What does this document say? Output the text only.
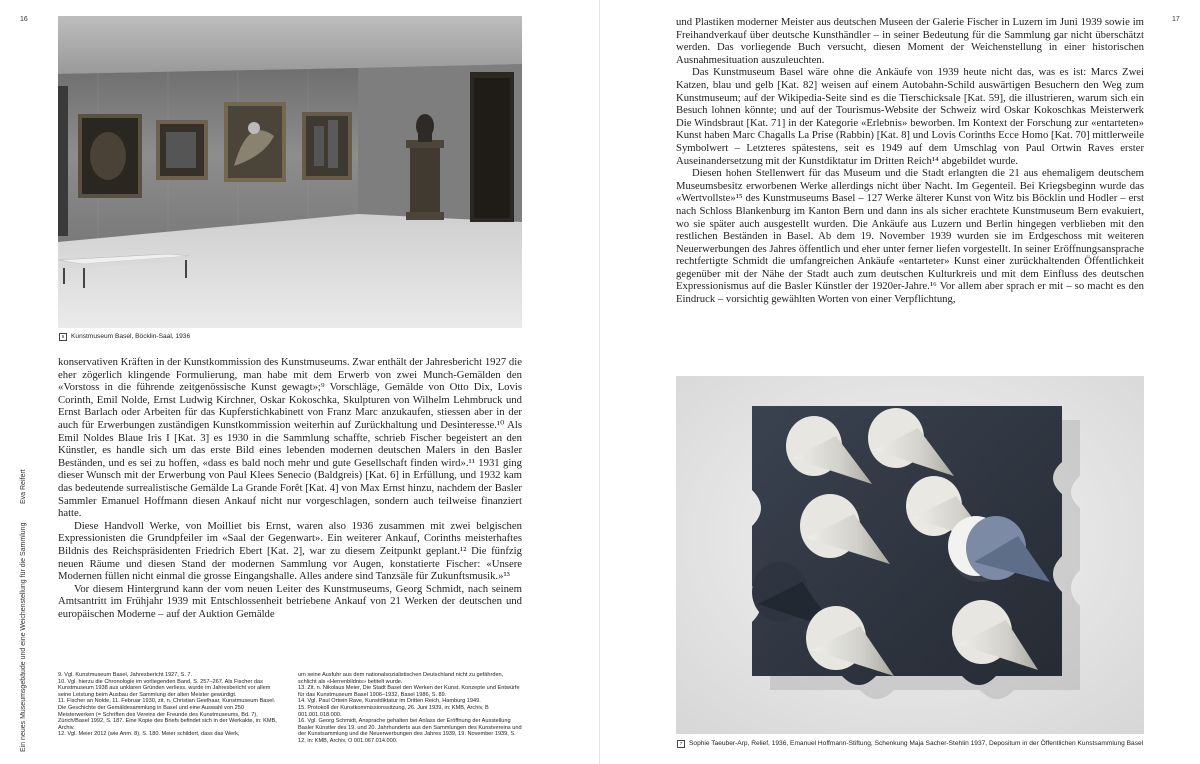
16
Ein neues Museumsgebäude und eine Weichenstellung für die Sammlung
Eva Reifert
6 Kunstmuseum Basel, Böcklin-Saal, 1936

konservativen Kräften in der Kunstkommission des Kunstmuseums. Zwar enthält der Jahresbericht 1927 die eher zögerlich klingende Formulierung, man habe mit dem Erwerb von zwei Munch-Gemälden den «Vorstoss in die führende zeitgenössische Kunst gewagt»;⁹ Vorschläge, Gemälde von Otto Dix, Lovis Corinth, Emil Nolde, Ernst Ludwig Kirchner, Oskar Kokoschka, Skulpturen von Wilhelm Lehmbruck und Ernst Barlach oder Arbeiten für das Kupferstichkabinett von Franz Marc anzukaufen, stiessen aber in der auch für Erwerbungen zuständigen Kunstkommission weiterhin auf Zurückhaltung und Desinteresse.¹⁰ Als Emil Noldes Blaue Iris I [Kat. 3] es 1930 in die Sammlung schaffte, schrieb Fischer begeistert an den Künstler, es handle sich um das erste Bild eines lebenden modernen deutschen Malers in den Basler Beständen, und es sei zu hoffen, «dass es bald noch mehr und gute Gesellschaft finden wird».¹¹ 1931 ging dieser Wunsch mit der Erwerbung von Paul Klees Senecio (Baldgreis) [Kat. 6] in Erfüllung, und 1932 kam das bedeutende surrealistische Gemälde La Grande Forêt [Kat. 4] von Max Ernst hinzu, nachdem der Basler Sammler Emanuel Hoffmann diesen Ankauf nicht nur vorgeschlagen, sondern auch teilweise finanziert hatte.

Diese Handvoll Werke, von Moilliet bis Ernst, waren also 1936 zusammen mit zwei belgischen Expressionisten die Grundpfeiler im «Saal der Gegenwart». Ein weiterer Ankauf, Corinths meisterhaftes Bildnis des Reichspräsidenten Friedrich Ebert [Kat. 2], war zu diesem Zeitpunkt geplant.¹² Die fünfzig neuen Räume und diesen Stand der modernen Sammlung vor Augen, konstatierte Fischer: «Unsere Modernen füllen nicht einmal die grosse Eingangshalle. Alles andere sind Tanzsäle für Zukunftsmusik.»¹³

Vor diesem Hintergrund kann der vom neuen Leiter des Kunstmuseums, Georg Schmidt, nach seinem Amtsantritt im Frühjahr 1939 mit Entschlossenheit betriebene Ankauf von 21 Werken der deutschen und europäischen Moderne – auf der Auktion Gemälde

9. Vgl. Kunstmuseum Basel, Jahresbericht 1927, S. 7.

10. Vgl. hierzu die Chronologie im vorliegenden Band, S. 257–267. Als Fischer das Kunstmuseum 1938 aus unklaren Gründen verliess, wurde im Jahresbericht vor allem seine Leistung beim Ausbau der Sammlung der alten Meister gewürdigt.

11. Fischer an Nolde, 11. Februar 1930, zit. n. Christian Geelhaar, Kunstmuseum Basel. Die Geschichte der Gemäldesammlung in Basel und eine Auswahl von 250 Meisterwerken (= Schriften des Vereins der Freunde des Kunstmuseums, Bd. 7), Zürich/Basel 1992, S. 187. Eine Kopie des Briefs befindet sich in der Werkakte, in: KMB, Archiv.

12. Vgl. Meier 2012 (wie Anm. 8), S. 180. Meier schildert, dass das Werk,

um seine Ausfuhr aus dem nationalsozialistischen Deutschland nicht zu gefährden, schlicht als «Herrenbildnis» betitelt wurde.

13. Zit. n. Nikolaus Meier, Die Stadt Basel den Werken der Kunst. Konzepte und Entwürfe für das Kunstmuseum Basel 1906–1932, Basel 1986, S. 89.

14. Vgl. Paul Ortwin Rave, Kunstdiktatur im Dritten Reich, Hamburg 1949.

15. Protokoll der Kunstkommissionssitzung, 26. Juni 1939, in: KMB, Archiv, B 001.001.018.000.

16. Vgl. Georg Schmidt, Ansprache gehalten bei Anlass der Eröffnung der Ausstellung Basler Künstler des 19. und 20. Jahrhunderts aus den Sammlungen des Kunstvereins und der Kunstsammlung und die Neuerwerbungen des Jahres 1939, 19. November 1939, S. 12, in: KMB, Archiv, O 001.067.014.000.

17

und Plastiken moderner Meister aus deutschen Museen der Galerie Fischer in Luzern im Juni 1939 sowie im Freihandverkauf über deutsche Kunsthändler – in seiner Bedeutung für die Sammlung gar nicht überschätzt werden. Das vorliegende Buch versucht, diesen Moment der Weichenstellung in einer historischen Ausnahmesituation auszuleuchten.

Das Kunstmuseum Basel wäre ohne die Ankäufe von 1939 heute nicht das, was es ist: Marcs Zwei Katzen, blau und gelb [Kat. 82] weisen auf einem Autobahn-Schild auswärtigen Besuchern den Weg zum Kunstmuseum; auf der Wikipedia-Seite sind es die Tierschicksale [Kat. 59], die illustrieren, warum sich ein Besuch lohnen könnte; und auf der Tourismus-Website der Schweiz wird Oskar Kokoschkas Meisterwerk Die Windsbraut [Kat. 71] in der Kategorie «Erlebnis» beworben. Im Kontext der Forschung zur «entarteten» Kunst haben Marc Chagalls La Prise (Rabbin) [Kat. 8] und Lovis Corinths Ecce Homo [Kat. 70] mittlerweile Symbolwert – Letzteres spätestens, seit es 1949 auf dem Umschlag von Paul Ortwin Raves erster Auseinandersetzung mit der Kunstdiktatur im Dritten Reich¹⁴ abgebildet wurde.

Diesen hohen Stellenwert für das Museum und die Stadt erlangten die 21 aus ehemaligem deutschem Museumsbesitz erworbenen Werke allerdings nicht über Nacht. Im Gegenteil. Bei Kriegsbeginn wurde das «Wertvollste»¹⁵ des Kunstmuseums Basel – 127 Werke älterer Kunst von Witz bis Böcklin und Hodler – erst nach Schloss Blankenburg im Kanton Bern und dann ins als sicher erachtete Kunstmuseum Bern evakuiert, wo sie später auch ausgestellt wurden. Die Ankäufe aus Luzern und Berlin hingegen verblieben mit den restlichen Beständen in Basel. Ab dem 19. November 1939 wurden sie im Erdgeschoss mit weiteren Neuerwerbungen des Jahres öffentlich und eher unter ferner liefen vorgestellt. In seiner Eröffnungsansprache rechtfertigte Schmidt die umfangreichen Ankäufe «entarteter» Kunst einer zurückhaltenden Öffentlichkeit gegenüber mit der Nähe der Stadt auch zum deutschen Kulturkreis und mit dem Einfluss des deutschen Expressionismus auf die Basler Künstler der 1920er-Jahre.¹⁶ Vor allem aber sprach er mit – so macht es den Eindruck – vorsichtig gewählten Worten von einer Verpflichtung,

7 Sophie Taeuber-Arp, Relief, 1936, Emanuel Hoffmann-Stiftung, Schenkung Maja Sacher-Stehlin 1937, Depositum in der Öffentlichen Kunstsammlung Basel
